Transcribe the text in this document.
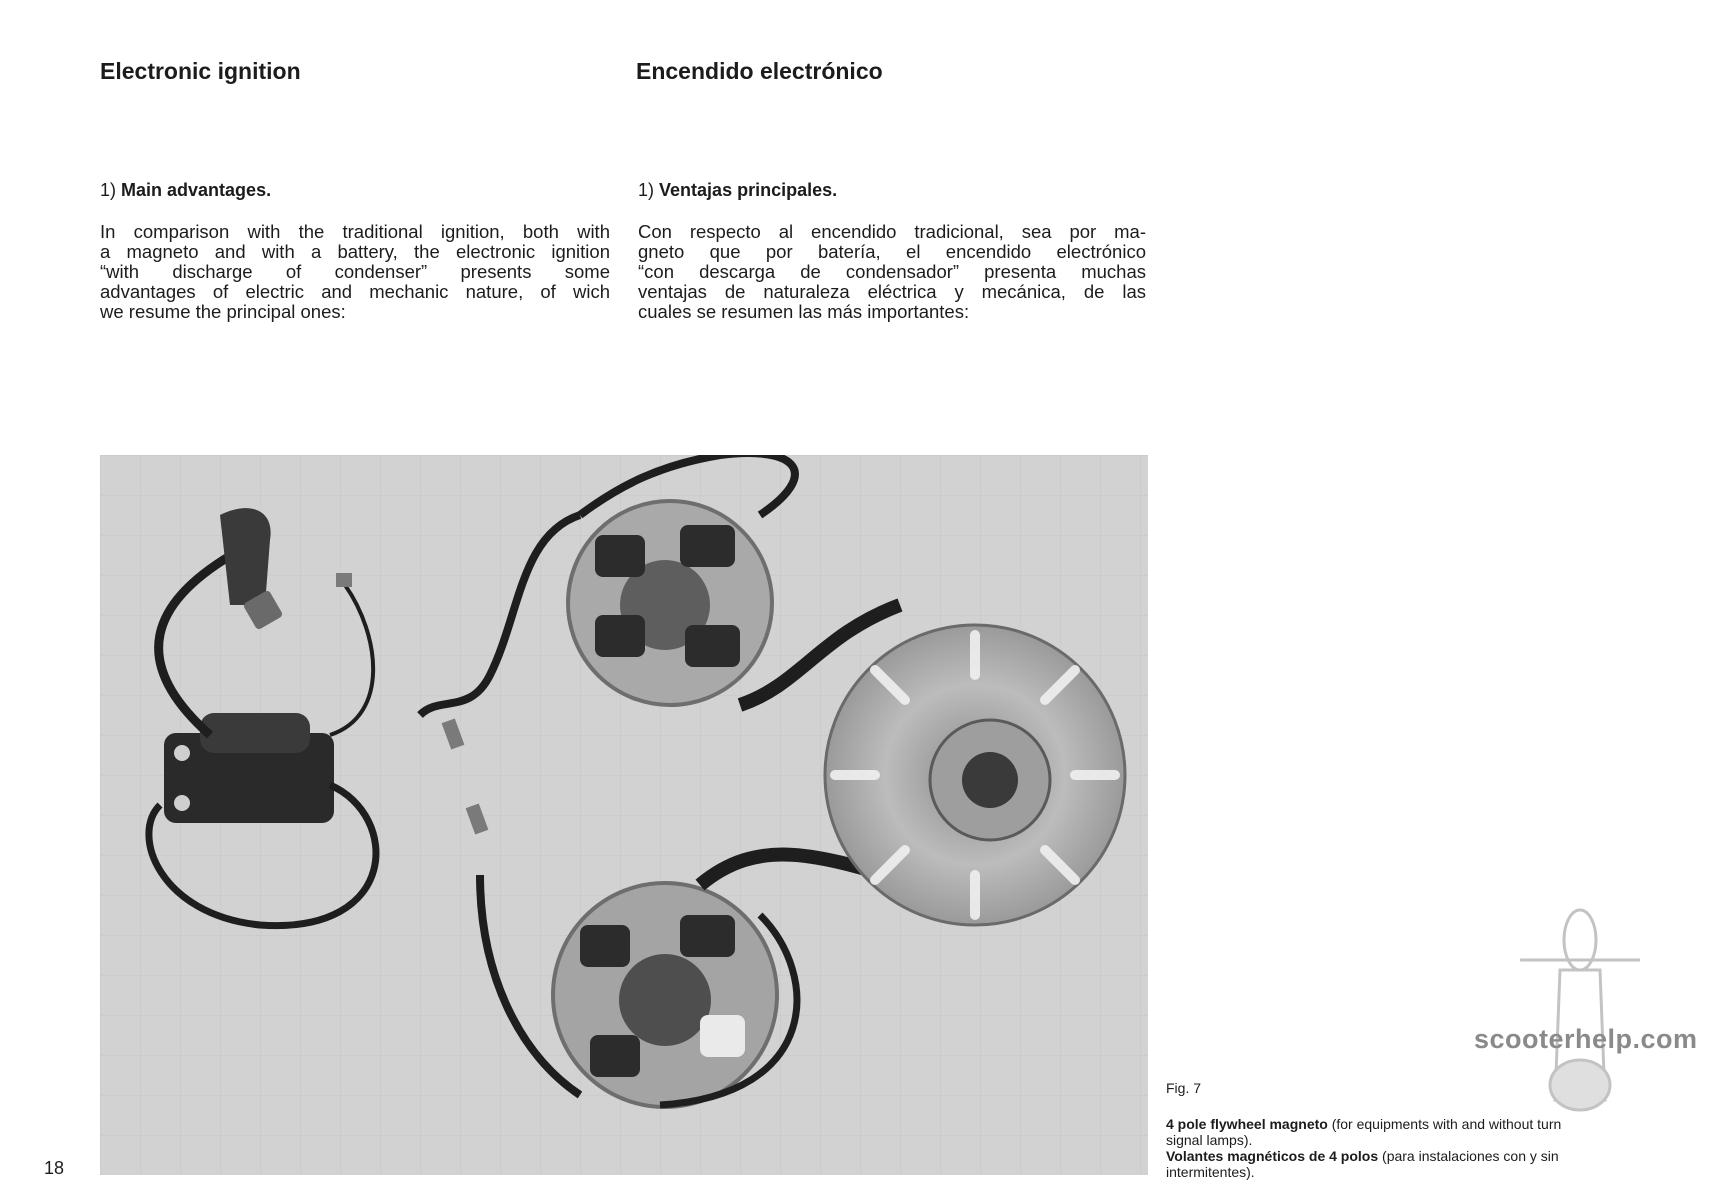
Electronic ignition	Encendido electrónico
1) Main advantages.	1) Ventajas principales.
In comparison with the traditional ignition, both with
a magneto and with a battery, the electronic ignition
“with discharge of condenser” presents some
advantages of electric and mechanic nature, of wich
we resume the principal ones:
Con respecto al encendido tradicional, sea por ma-
gneto que por batería, el encendido electrónico
“con descarga de condensador” presenta muchas
ventajas de naturaleza eléctrica y mecánica, de las
cuales se resumen las más importantes:
Fig. 7
4 pole flywheel magneto (for equipments with and without turn
signal lamps).
Volantes magnéticos de 4 polos (para instalaciones con y sin
intermitentes).
scooterhelp.com
18
